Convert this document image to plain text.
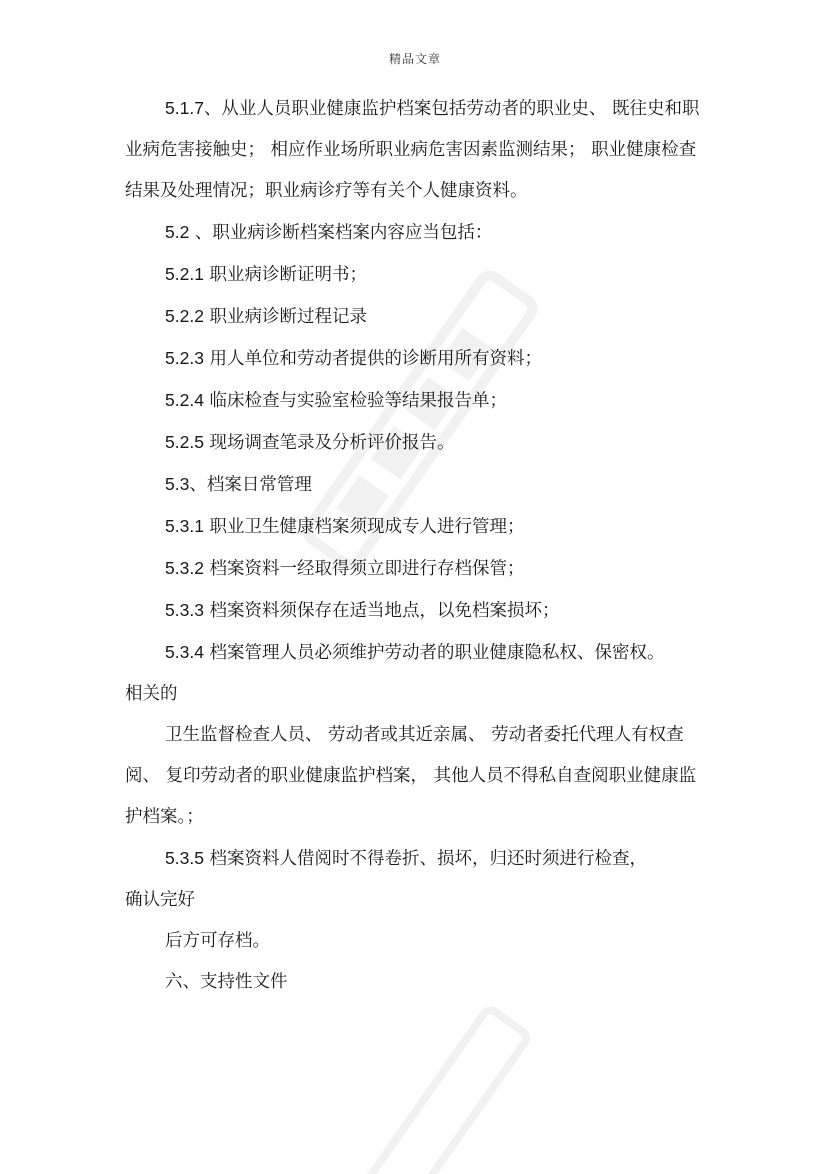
精品文章

5.1.7、从业人员职业健康监护档案包括劳动者的职业史、 既往史和职业病危害接触史； 相应作业场所职业病危害因素监测结果； 职业健康检查结果及处理情况；职业病诊疗等有关个人健康资料。

5.2 、职业病诊断档案档案内容应当包括：

5.2.1 职业病诊断证明书；

5.2.2 职业病诊断过程记录

5.2.3 用人单位和劳动者提供的诊断用所有资料；

5.2.4 临床检查与实验室检验等结果报告单；

5.2.5 现场调查笔录及分析评价报告。

5.3、档案日常管理

5.3.1 职业卫生健康档案须现成专人进行管理；

5.3.2 档案资料一经取得须立即进行存档保管；

5.3.3 档案资料须保存在适当地点，以免档案损坏；

5.3.4 档案管理人员必须维护劳动者的职业健康隐私权、保密权。

相关的

卫生监督检查人员、 劳动者或其近亲属、 劳动者委托代理人有权查阅、 复印劳动者的职业健康监护档案， 其他人员不得私自查阅职业健康监护档案。；

5.3.5 档案资料人借阅时不得卷折、损坏，归还时须进行检查，

确认完好

后方可存档。

六、支持性文件
